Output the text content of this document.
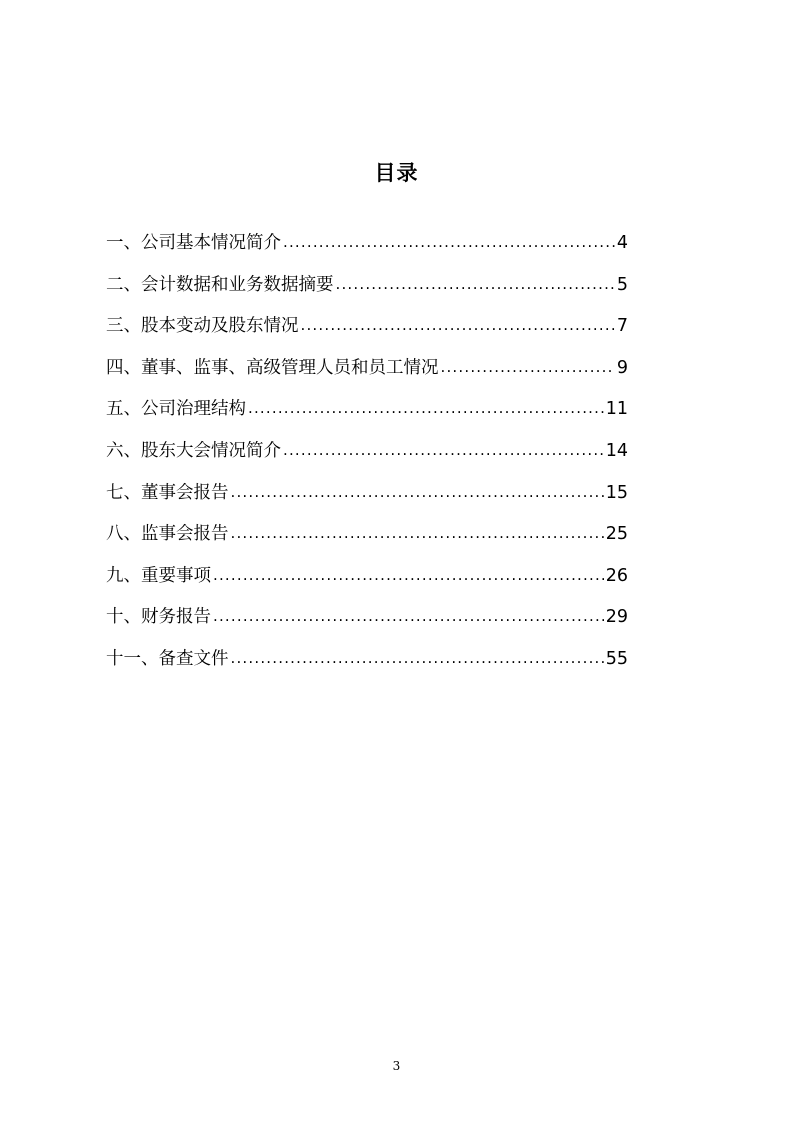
目录
一、公司基本情况简介 .....	4
二、会计数据和业务数据摘要 .....	5
三、股本变动及股东情况 .....	7
四、董事、监事、高级管理人员和员工情况 .....	9
五、公司治理结构 .....	11
六、股东大会情况简介 .....	14
七、董事会报告 .....	15
八、监事会报告 .....	25
九、重要事项 .....	26
十、财务报告 .....	29
十一、备查文件 .....	55
3
